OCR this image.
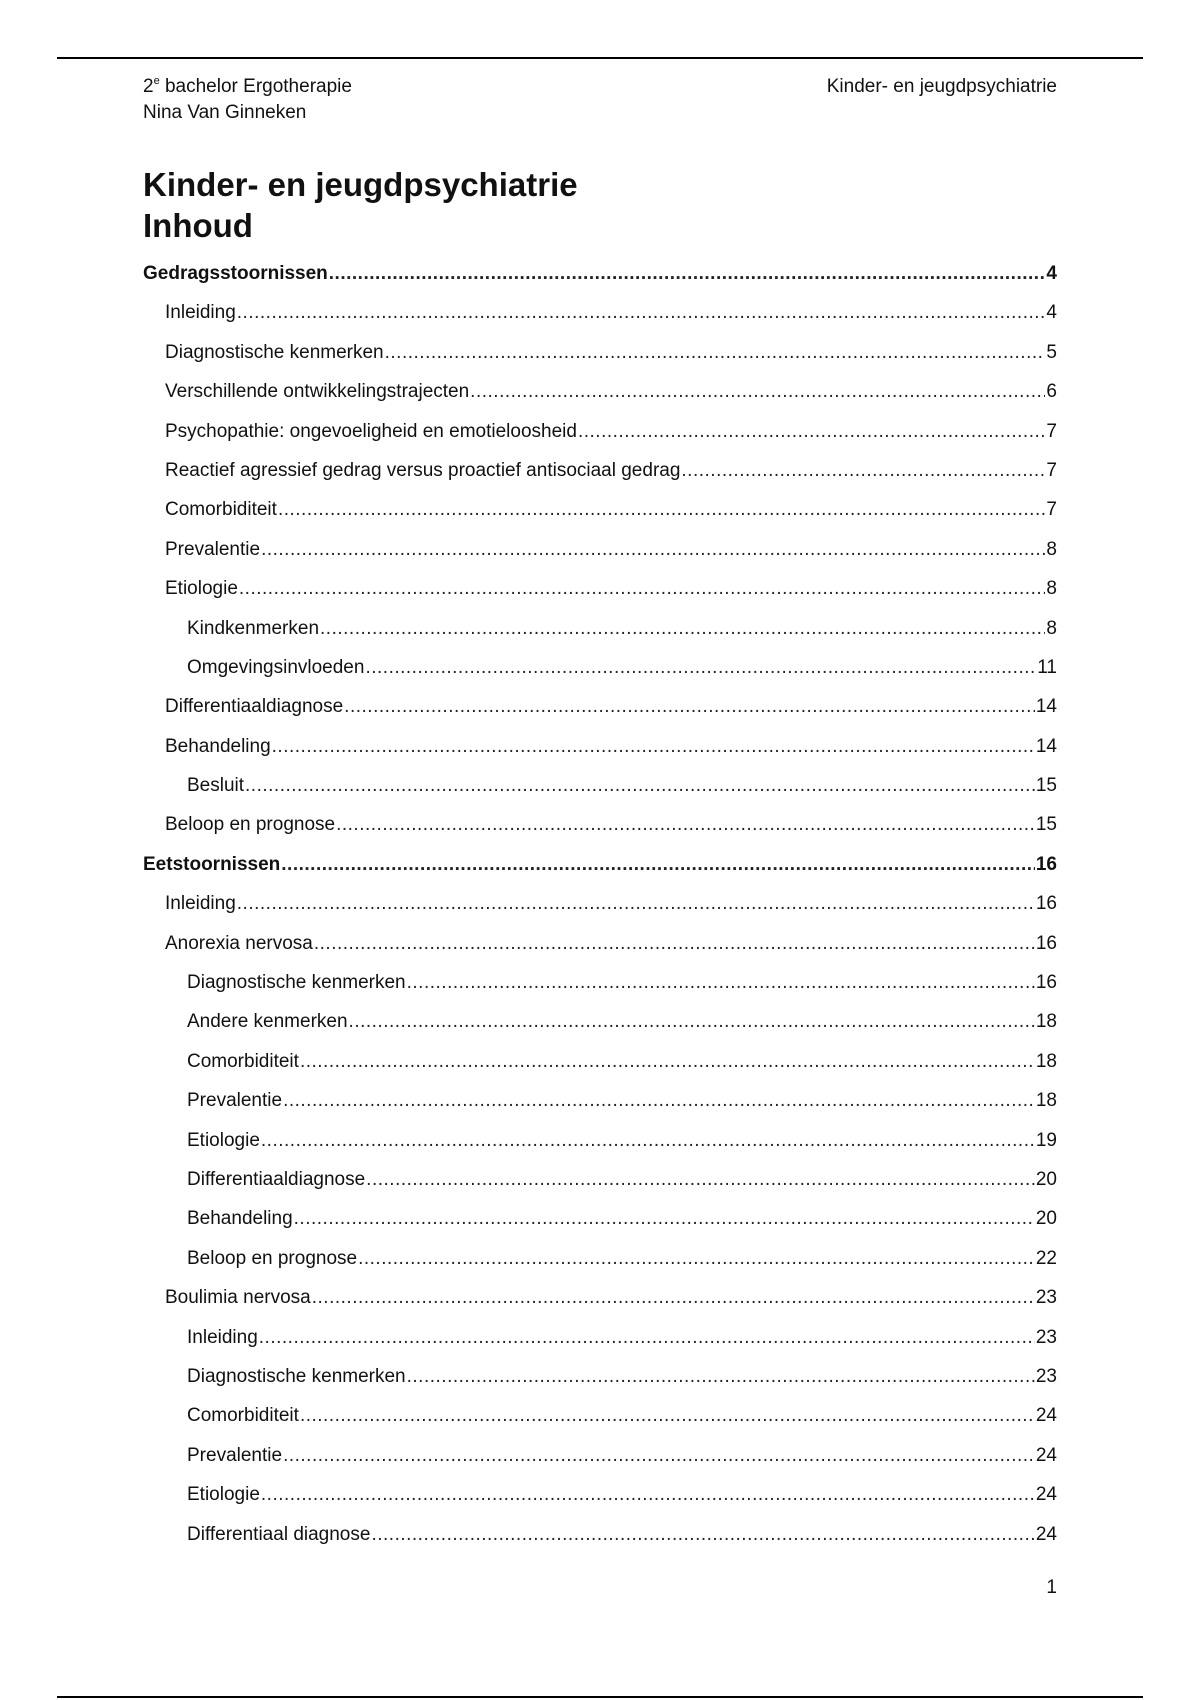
2e bachelor Ergotherapie
Nina Van Ginneken
Kinder- en jeugdpsychiatrie
Kinder- en jeugdpsychiatrie
Inhoud
Gedragsstoornissen .....	4
Inleiding .....	4
Diagnostische kenmerken .....	5
Verschillende ontwikkelingstrajecten .....	6
Psychopathie: ongevoeligheid en emotieloosheid .....	7
Reactief agressief gedrag versus proactief antisociaal gedrag .....	7
Comorbiditeit .....	7
Prevalentie .....	8
Etiologie .....	8
Kindkenmerken .....	8
Omgevingsinvloeden .....	11
Differentiaaldiagnose .....	14
Behandeling .....	14
Besluit .....	15
Beloop en prognose .....	15
Eetstoornissen .....	16
Inleiding .....	16
Anorexia nervosa .....	16
Diagnostische kenmerken .....	16
Andere kenmerken .....	18
Comorbiditeit .....	18
Prevalentie .....	18
Etiologie .....	19
Differentiaaldiagnose .....	20
Behandeling .....	20
Beloop en prognose .....	22
Boulimia nervosa .....	23
Inleiding .....	23
Diagnostische kenmerken .....	23
Comorbiditeit .....	24
Prevalentie .....	24
Etiologie .....	24
Differentiaal diagnose .....	24
1
